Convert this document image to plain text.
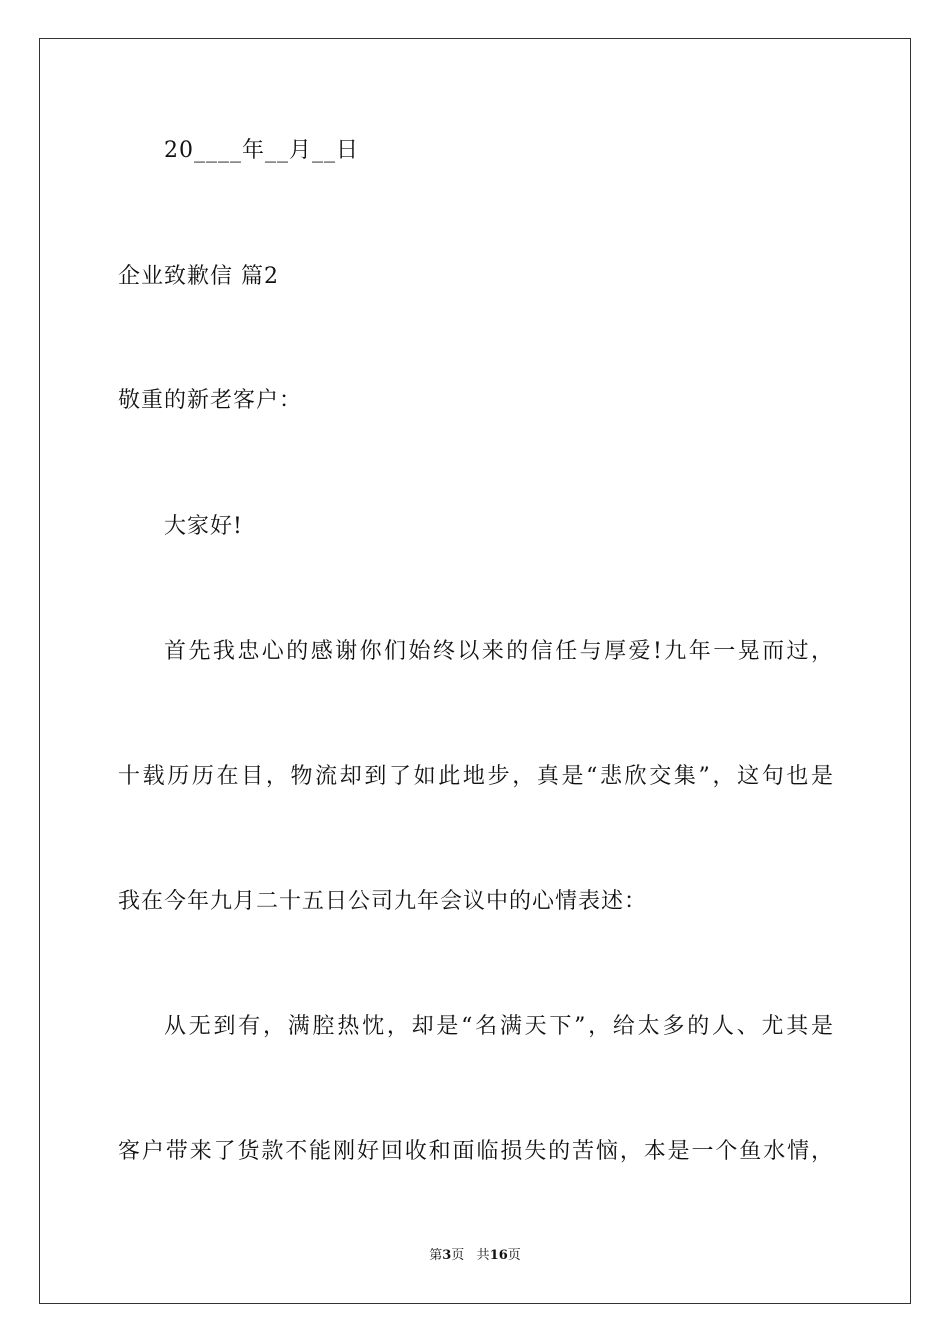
20____年__月__日
企业致歉信 篇2
敬重的新老客户：
大家好!
首先我忠心的感谢你们始终以来的信任与厚爱!九年一晃而过，
十载历历在目，物流却到了如此地步，真是“悲欣交集”，这句也是
我在今年九月二十五日公司九年会议中的心情表述：
从无到有，满腔热忱，却是“名满天下”，给太多的人、尤其是
客户带来了货款不能刚好回收和面临损失的苦恼，本是一个鱼水情，
第3页 共16页
